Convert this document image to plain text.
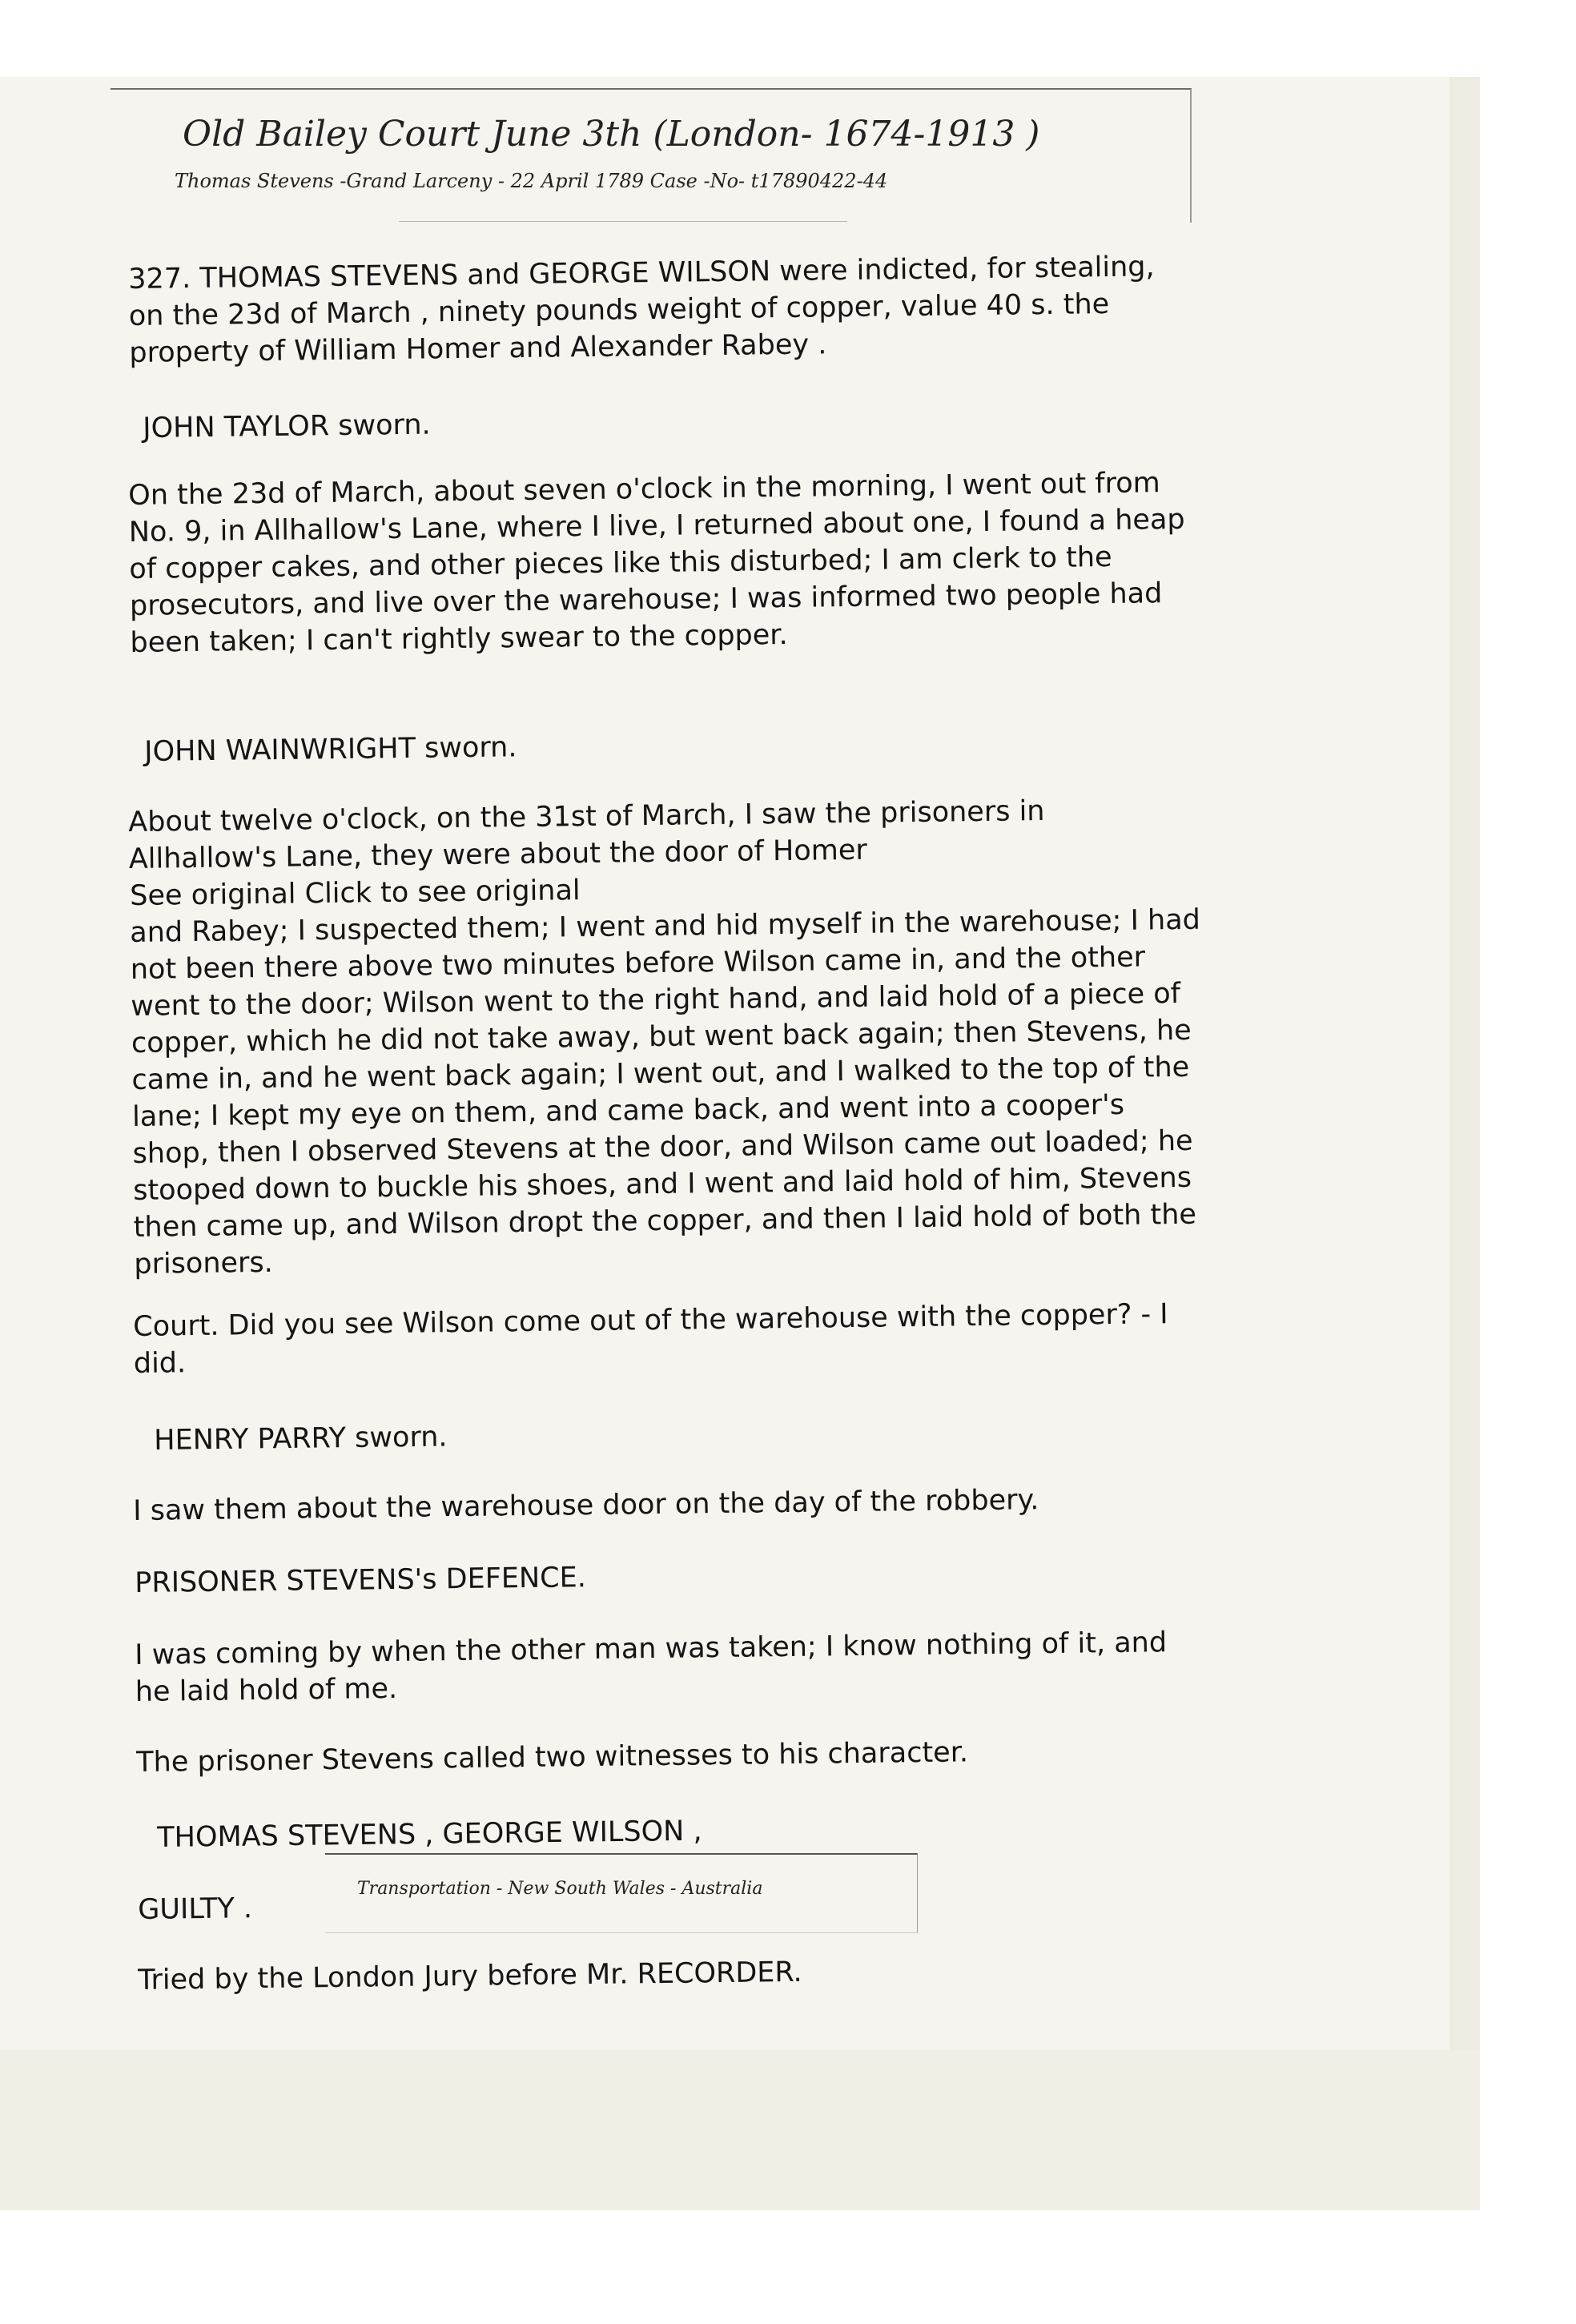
Old Bailey Court June 3th (London- 1674-1913 )
Thomas Stevens -Grand Larceny - 22 April 1789 Case -No- t17890422-44

327. THOMAS STEVENS and GEORGE WILSON were indicted, for stealing, on the 23d of March , ninety pounds weight of copper, value 40 s. the property of William Homer and Alexander Rabey .

JOHN TAYLOR sworn.

On the 23d of March, about seven o'clock in the morning, I went out from No. 9, in Allhallow's Lane, where I live, I returned about one, I found a heap of copper cakes, and other pieces like this disturbed; I am clerk to the prosecutors, and live over the warehouse; I was informed two people had been taken; I can't rightly swear to the copper.

JOHN WAINWRIGHT sworn.

About twelve o'clock, on the 31st of March, I saw the prisoners in Allhallow's Lane, they were about the door of Homer

See original Click to see original

and Rabey; I suspected them; I went and hid myself in the warehouse; I had not been there above two minutes before Wilson came in, and the other went to the door; Wilson went to the right hand, and laid hold of a piece of copper, which he did not take away, but went back again; then Stevens, he came in, and he went back again; I went out, and I walked to the top of the lane; I kept my eye on them, and came back, and went into a cooper's shop, then I observed Stevens at the door, and Wilson came out loaded; he stooped down to buckle his shoes, and I went and laid hold of him, Stevens then came up, and Wilson dropt the copper, and then I laid hold of both the prisoners.

Court. Did you see Wilson come out of the warehouse with the copper? - I did.

HENRY PARRY sworn.

I saw them about the warehouse door on the day of the robbery.

PRISONER STEVENS's DEFENCE.

I was coming by when the other man was taken; I know nothing of it, and he laid hold of me.

The prisoner Stevens called two witnesses to his character.

THOMAS STEVENS , GEORGE WILSON ,

GUILTY .

Transportation - New South Wales - Australia

Tried by the London Jury before Mr. RECORDER.
